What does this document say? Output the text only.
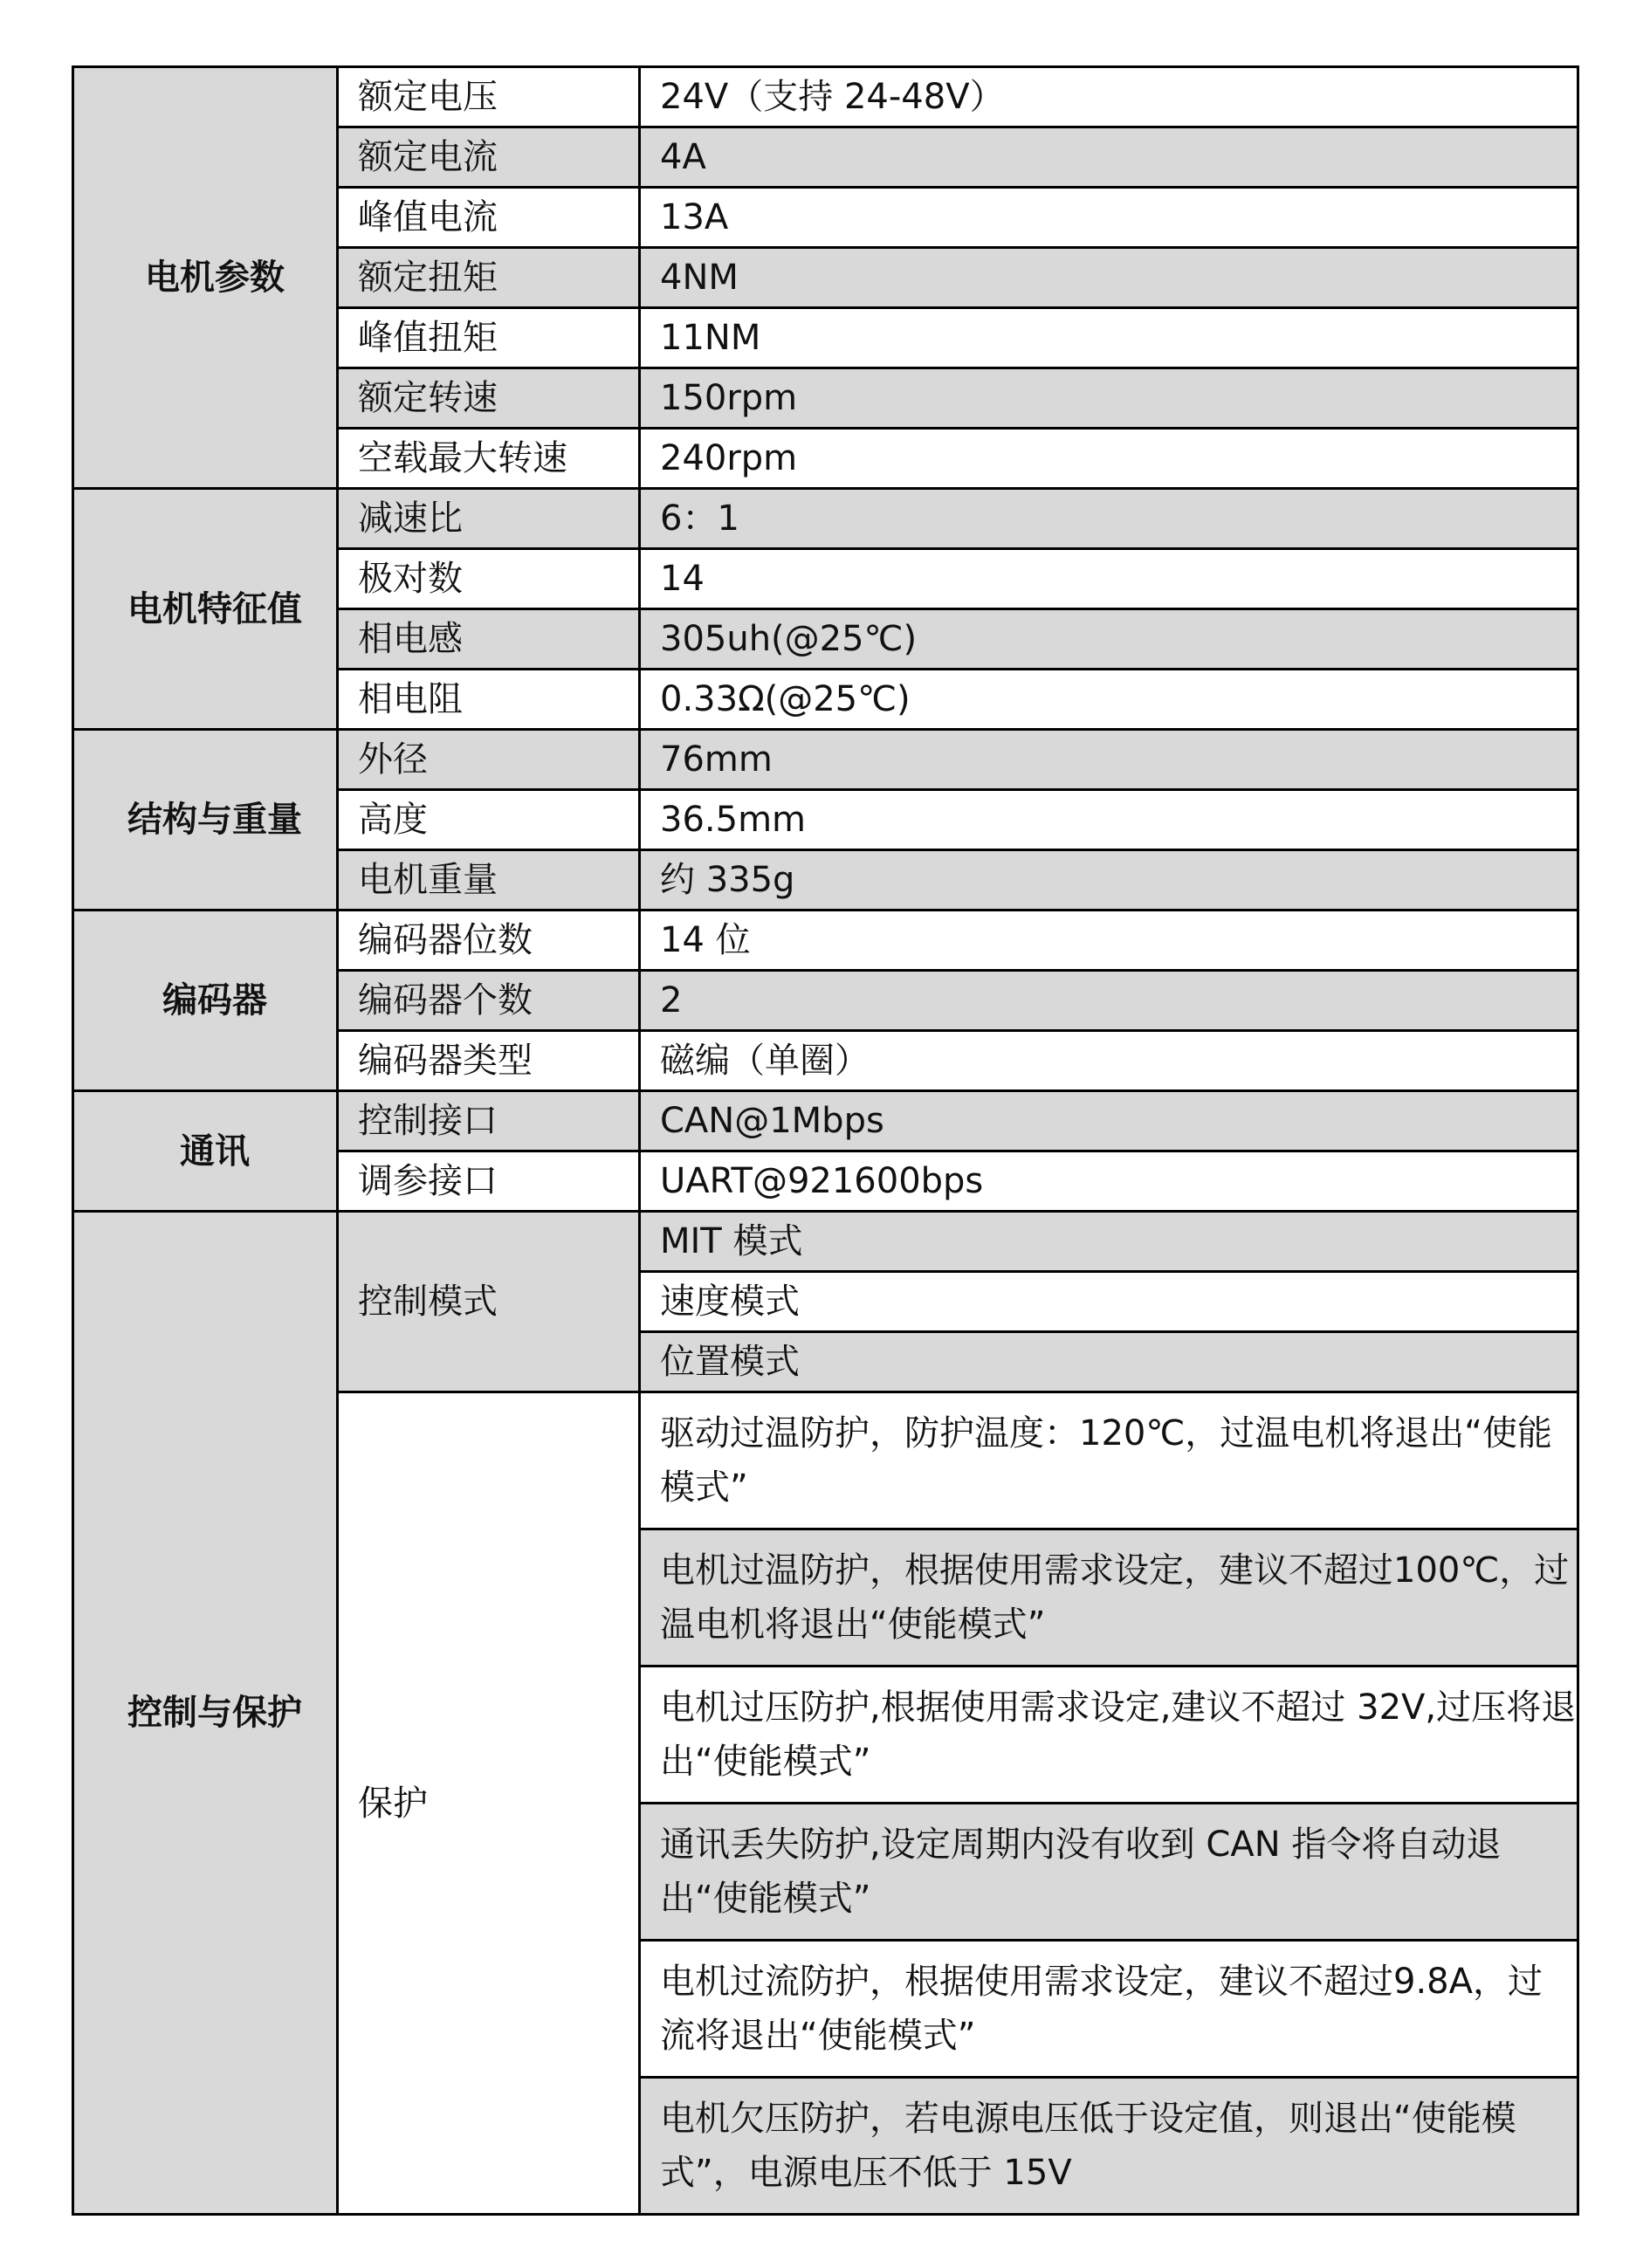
电机参数	额定电压	24V（支持 24-48V）
	额定电流	4A
	峰值电流	13A
	额定扭矩	4NM
	峰值扭矩	11NM
	额定转速	150rpm
	空载最大转速	240rpm
电机特征值	减速比	6：1
	极对数	14
	相电感	305uh(@25℃)
	相电阻	0.33Ω(@25℃)
结构与重量	外径	76mm
	高度	36.5mm
	电机重量	约 335g
编码器	编码器位数	14 位
	编码器个数	2
	编码器类型	磁编（单圈）
通讯	控制接口	CAN@1Mbps
	调参接口	UART@921600bps
控制与保护	控制模式	MIT 模式
		速度模式
		位置模式
	保护	驱动过温防护，防护温度：120℃，过温电机将退出“使能模式”
		电机过温防护，根据使用需求设定，建议不超过100℃，过温电机将退出“使能模式”
		电机过压防护,根据使用需求设定,建议不超过 32V,过压将退出“使能模式”
		通讯丢失防护,设定周期内没有收到 CAN 指令将自动退出“使能模式”
		电机过流防护，根据使用需求设定，建议不超过9.8A，过流将退出“使能模式”
		电机欠压防护，若电源电压低于设定值，则退出“使能模式”，电源电压不低于 15V
